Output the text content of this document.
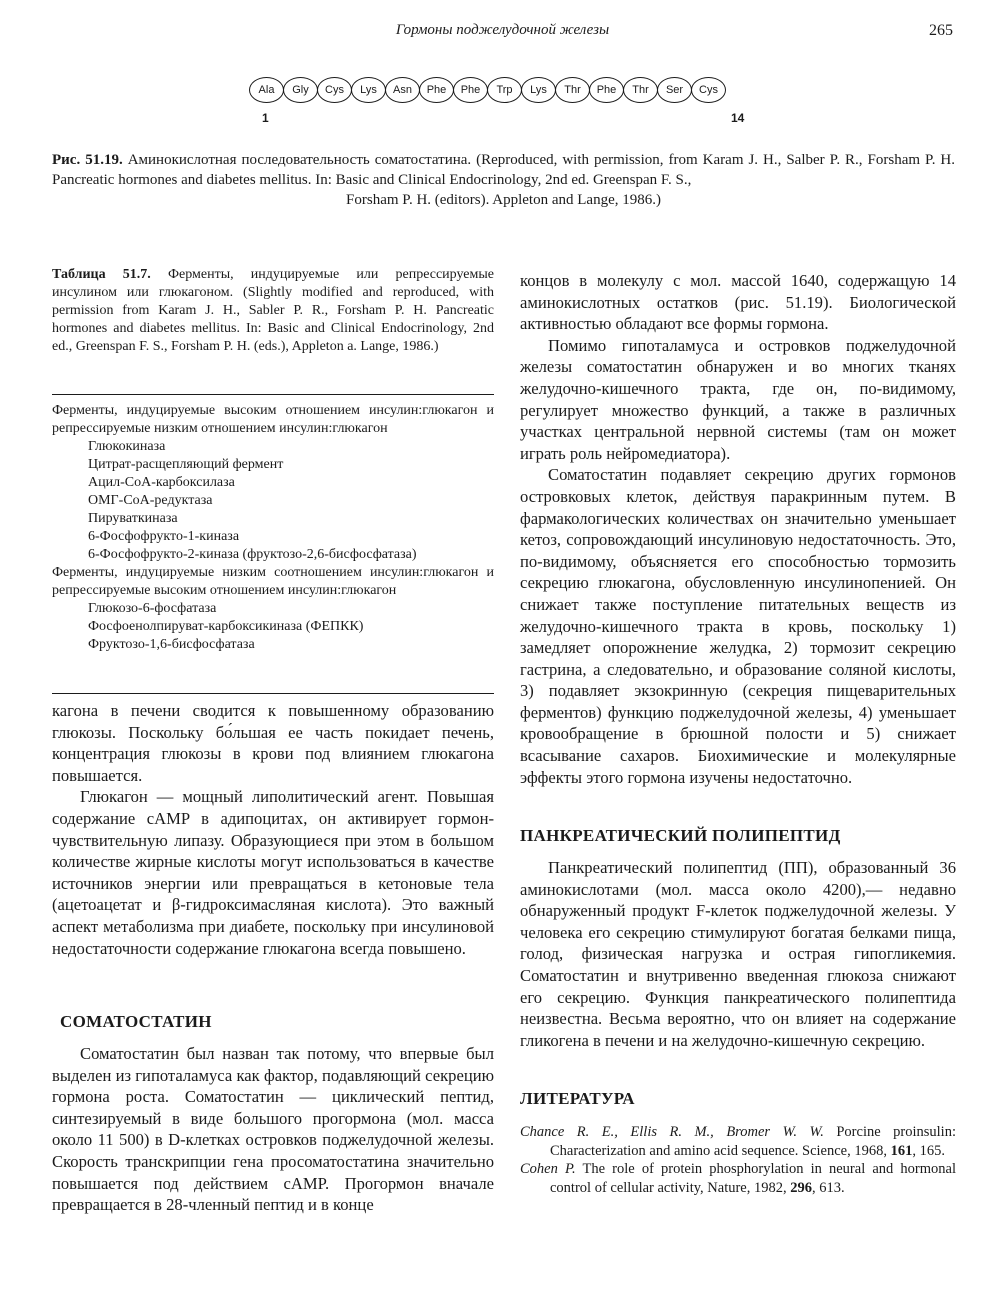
Гормоны поджелудочной железы	265
Ala	Gly	Cys	Lys	Asn	Phe	Phe	Trp	Lys	Thr	Phe	Thr	Ser	Cys
1	14
Рис. 51.19. Аминокислотная последовательность соматостатина. (Reproduced, with permission, from Karam J. H., Salber P. R., Forsham P. H. Pancreatic hormones and diabetes mellitus. In: Basic and Clinical Endocrinology, 2nd ed. Greenspan F. S.,
Forsham P. H. (editors). Appleton and Lange, 1986.)
Таблица 51.7. Ферменты, индуцируемые или репрессируемые инсулином или глюкагоном. (Slightly modified and reproduced, with permission from Karam J. H., Sabler P. R., Forsham P. H. Pancreatic hormones and diabetes mellitus. In: Basic and Clinical Endocrinology, 2nd ed., Greenspan F. S., Forsham P. H. (eds.), Appleton a. Lange, 1986.)
Ферменты, индуцируемые высоким отношением инсулин:глюкагон и репрессируемые низким отношением инсулин:глюкагон
Глюкокиназа
Цитрат-расщепляющий фермент
Ацил-СоА-карбоксилаза
ОМГ-СоА-редуктаза
Пируваткиназа
6-Фосфофрукто-1-киназа
6-Фосфофрукто-2-киназа (фруктозо-2,6-бисфосфатаза)
Ферменты, индуцируемые низким соотношением инсулин:глюкагон и репрессируемые высоким отношением инсулин:глюкагон
Глюкозо-6-фосфатаза
Фосфоенолпируват-карбоксикиназа (ФЕПКК)
Фруктозо-1,6-бисфосфатаза

кагона в печени сводится к повышенному образованию глюкозы. Поскольку бо́льшая ее часть покидает печень, концентрация глюкозы в крови под влиянием глюкагона повышается.

Глюкагон — мощный липолитический агент. Повышая содержание cAMP в адипоцитах, он активирует гормон-чувствительную липазу. Образующиеся при этом в большом количестве жирные кислоты могут использоваться в качестве источников энергии или превращаться в кетоновые тела (ацетоацетат и β-гидроксимасляная кислота). Это важный аспект метаболизма при диабете, поскольку при инсулиновой недостаточности содержание глюкагона всегда повышено.

СОМАТОСТАТИН

Соматостатин был назван так потому, что впервые был выделен из гипоталамуса как фактор, подавляющий секрецию гормона роста. Соматостатин — циклический пептид, синтезируемый в виде большого прогормона (мол. масса около 11 500) в D-клетках островков поджелудочной железы. Скорость транскрипции гена просоматостатина значительно повышается под действием cAMP. Прогормон вначале превращается в 28-членный пептид и в конце

концов в молекулу с мол. массой 1640, содержащую 14 аминокислотных остатков (рис. 51.19). Биологической активностью обладают все формы гормона.

Помимо гипоталамуса и островков поджелудочной железы соматостатин обнаружен и во многих тканях желудочно-кишечного тракта, где он, по-видимому, регулирует множество функций, а также в различных участках центральной нервной системы (там он может играть роль нейромедиатора).

Соматостатин подавляет секрецию других гормонов островковых клеток, действуя паракринным путем. В фармакологических количествах он значительно уменьшает кетоз, сопровождающий инсулиновую недостаточность. Это, по-видимому, объясняется его способностью тормозить секрецию глюкагона, обусловленную инсулинопенией. Он снижает также поступление питательных веществ из желудочно-кишечного тракта в кровь, поскольку 1) замедляет опорожнение желудка, 2) тормозит секрецию гастрина, а следовательно, и образование соляной кислоты, 3) подавляет экзокринную (секреция пищеварительных ферментов) функцию поджелудочной железы, 4) уменьшает кровообращение в брюшной полости и 5) снижает всасывание сахаров. Биохимические и молекулярные эффекты этого гормона изучены недостаточно.

ПАНКРЕАТИЧЕСКИЙ ПОЛИПЕПТИД

Панкреатический полипептид (ПП), образованный 36 аминокислотами (мол. масса около 4200),— недавно обнаруженный продукт F-клеток поджелудочной железы. У человека его секрецию стимулируют богатая белками пища, голод, физическая нагрузка и острая гипогликемия. Соматостатин и внутривенно введенная глюкоза снижают его секрецию. Функция панкреатического полипептида неизвестна. Весьма вероятно, что он влияет на содержание гликогена в печени и на желудочно-кишечную секрецию.

ЛИТЕРАТУРА
Chance R. E., Ellis R. M., Bromer W. W. Porcine proinsulin: Characterization and amino acid sequence. Science, 1968, 161, 165.
Cohen P. The role of protein phosphorylation in neural and hormonal control of cellular activity, Nature, 1982, 296, 613.
